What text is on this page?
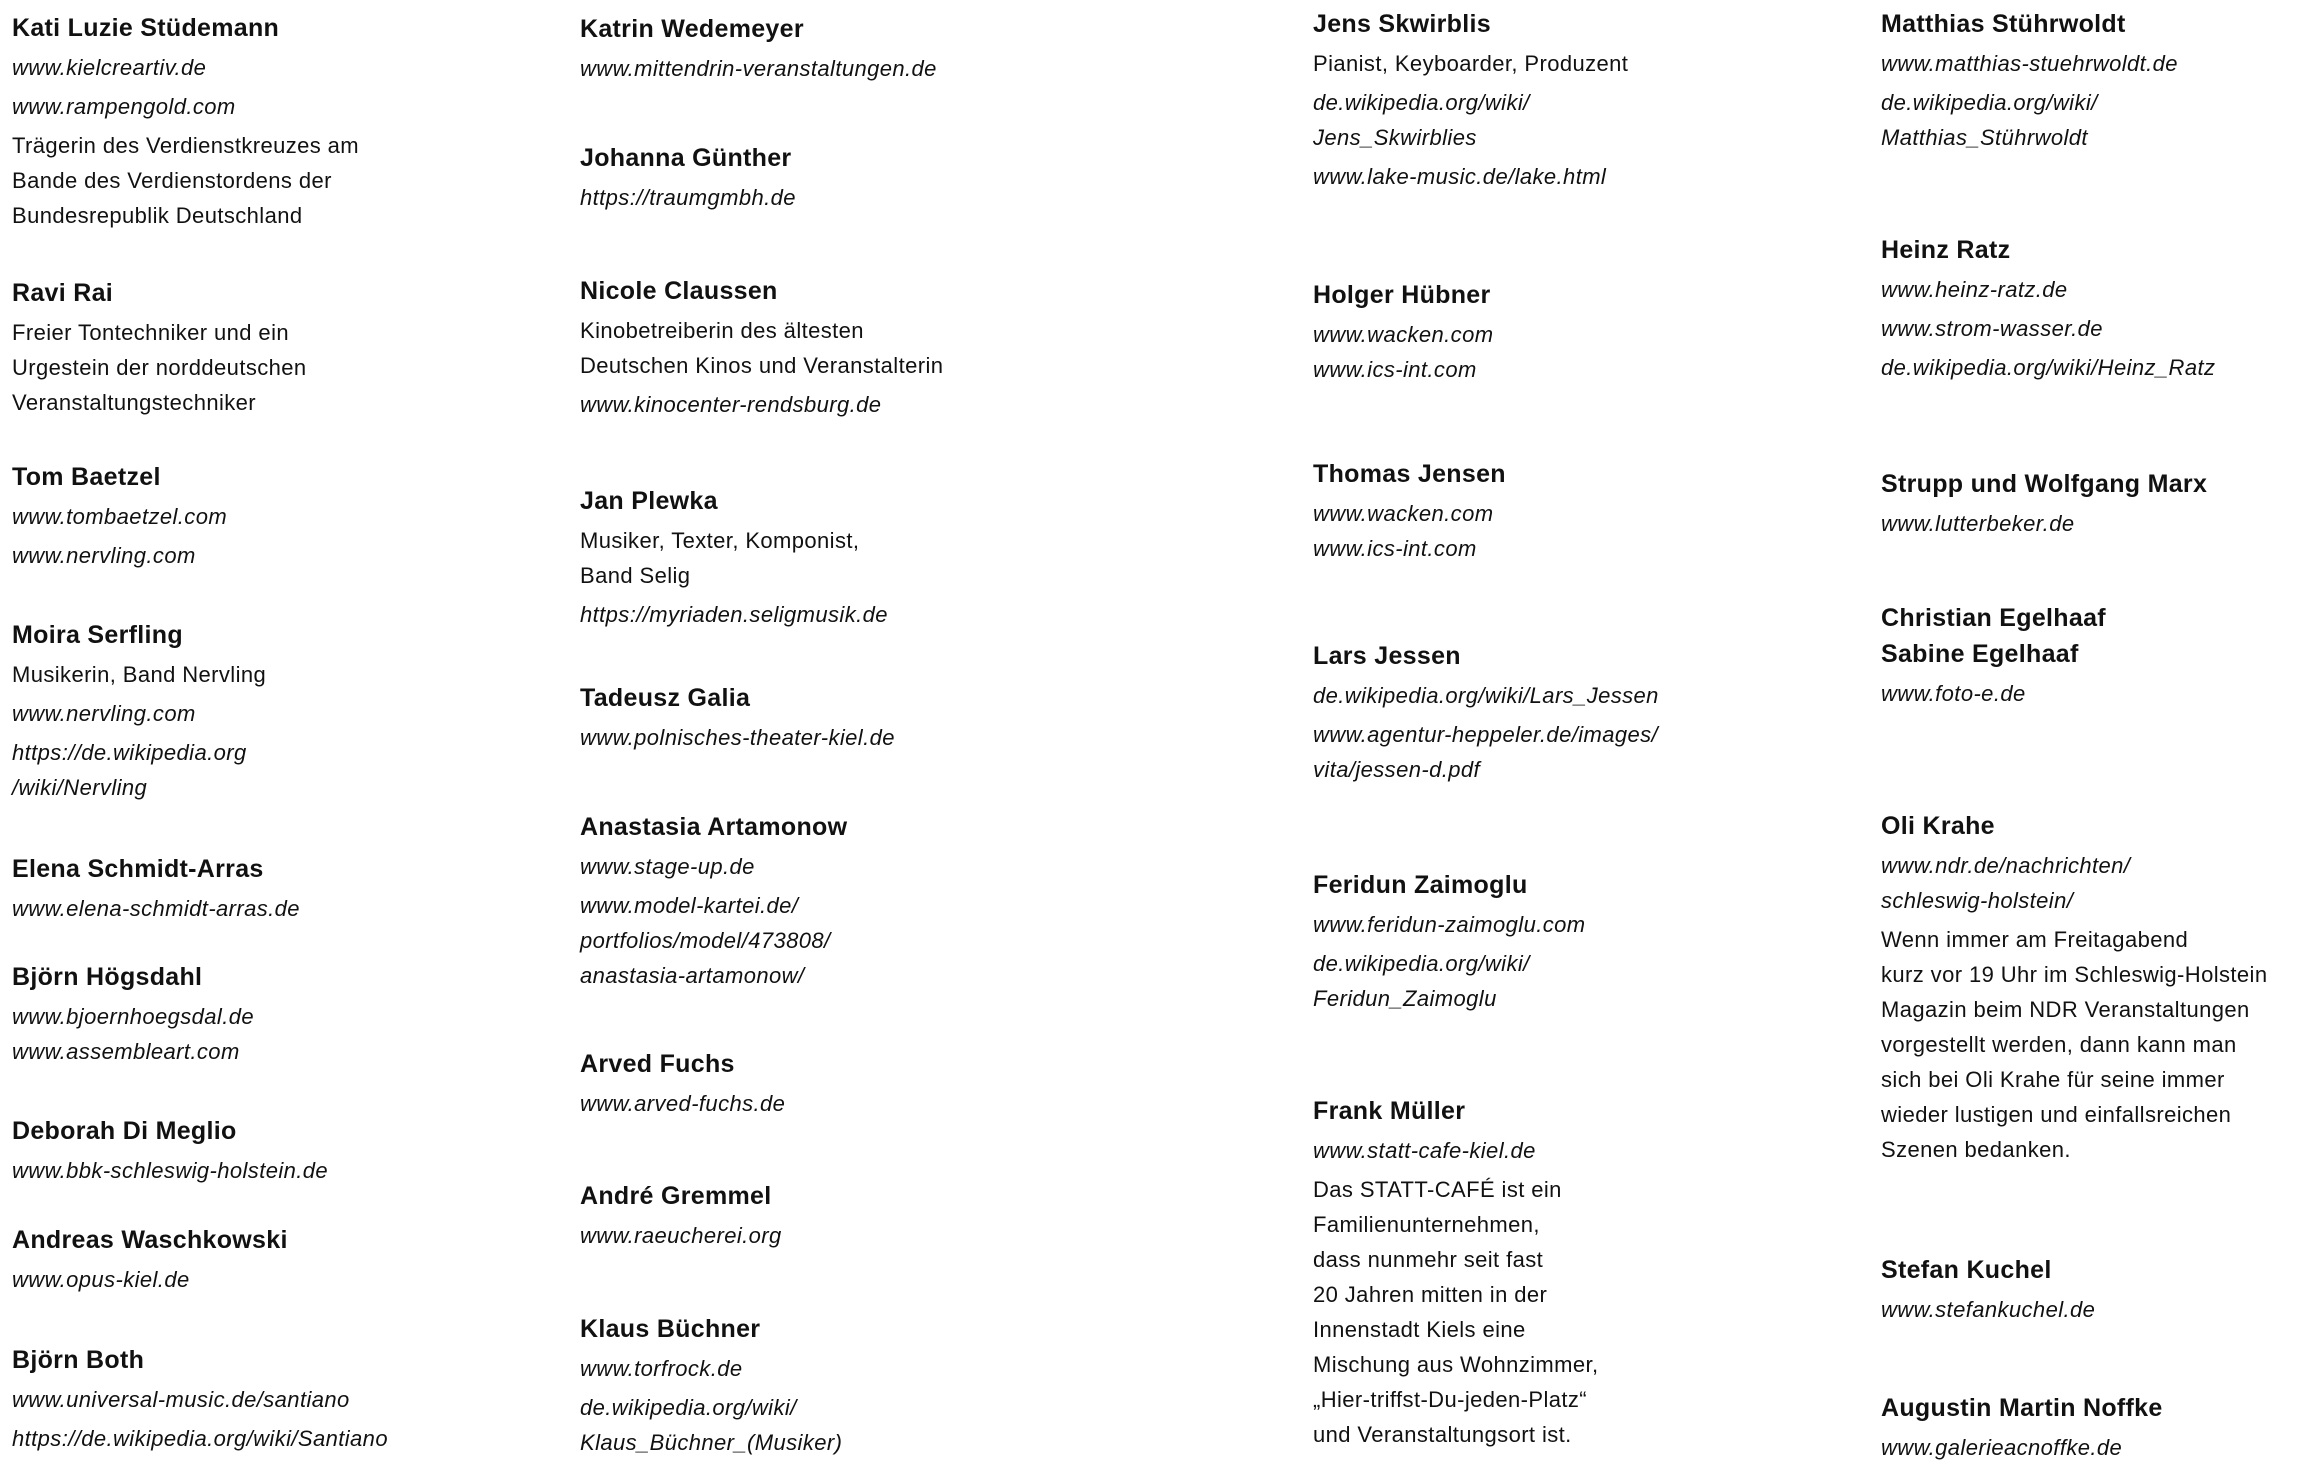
Kati Luzie Stüdemann
www.kielcreartiv.de
www.rampengold.com
Trägerin des Verdienstkreuzes am
Bande des Verdienstordens der
Bundesrepublik Deutschland
Ravi Rai
Freier Tontechniker und ein
Urgestein der norddeutschen
Veranstaltungstechniker
Tom Baetzel
www.tombaetzel.com
www.nervling.com
Moira Serfling
Musikerin, Band Nervling
www.nervling.com
https://de.wikipedia.org
/wiki/Nervling
Elena Schmidt-Arras
www.elena-schmidt-arras.de
Björn Högsdahl
www.bjoernhoegsdal.de
www.assembleart.com
Deborah Di Meglio
www.bbk-schleswig-holstein.de
Andreas Waschkowski
www.opus-kiel.de
Björn Both
www.universal-music.de/santiano
https://de.wikipedia.org/wiki/Santiano
Katrin Wedemeyer
www.mittendrin-veranstaltungen.de
Johanna Günther
https://traumgmbh.de
Nicole Claussen
Kinobetreiberin des ältesten
Deutschen Kinos und Veranstalterin
www.kinocenter-rendsburg.de
Jan Plewka
Musiker, Texter, Komponist,
Band Selig
https://myriaden.seligmusik.de
Tadeusz Galia
www.polnisches-theater-kiel.de
Anastasia Artamonow
www.stage-up.de
www.model-kartei.de/
portfolios/model/473808/
anastasia-artamonow/
Arved Fuchs
www.arved-fuchs.de
André Gremmel
www.raeucherei.org
Klaus Büchner
www.torfrock.de
de.wikipedia.org/wiki/
Klaus_Büchner_(Musiker)
Jens Skwirblis
Pianist, Keyboarder, Produzent
de.wikipedia.org/wiki/
Jens_Skwirblies
www.lake-music.de/lake.html
Holger Hübner
www.wacken.com
www.ics-int.com
Thomas Jensen
www.wacken.com
www.ics-int.com
Lars Jessen
de.wikipedia.org/wiki/Lars_Jessen
www.agentur-heppeler.de/images/
vita/jessen-d.pdf
Feridun Zaimoglu
www.feridun-zaimoglu.com
de.wikipedia.org/wiki/
Feridun_Zaimoglu
Frank Müller
www.statt-cafe-kiel.de
Das STATT-CAFÉ ist ein
Familienunternehmen,
dass nunmehr seit fast
20 Jahren mitten in der
Innenstadt Kiels eine
Mischung aus Wohnzimmer,
„Hier-triffst-Du-jeden-Platz“
und Veranstaltungsort ist.
Matthias Stührwoldt
www.matthias-stuehrwoldt.de
de.wikipedia.org/wiki/
Matthias_Stührwoldt
Heinz Ratz
www.heinz-ratz.de
www.strom-wasser.de
de.wikipedia.org/wiki/Heinz_Ratz
Strupp und Wolfgang Marx
www.lutterbeker.de
Christian Egelhaaf
Sabine Egelhaaf
www.foto-e.de
Oli Krahe
www.ndr.de/nachrichten/
schleswig-holstein/
Wenn immer am Freitagabend
kurz vor 19 Uhr im Schleswig-Holstein
Magazin beim NDR Veranstaltungen
vorgestellt werden, dann kann man
sich bei Oli Krahe für seine immer
wieder lustigen und einfallsreichen
Szenen bedanken.
Stefan Kuchel
www.stefankuchel.de
Augustin Martin Noffke
www.galerieacnoffke.de
